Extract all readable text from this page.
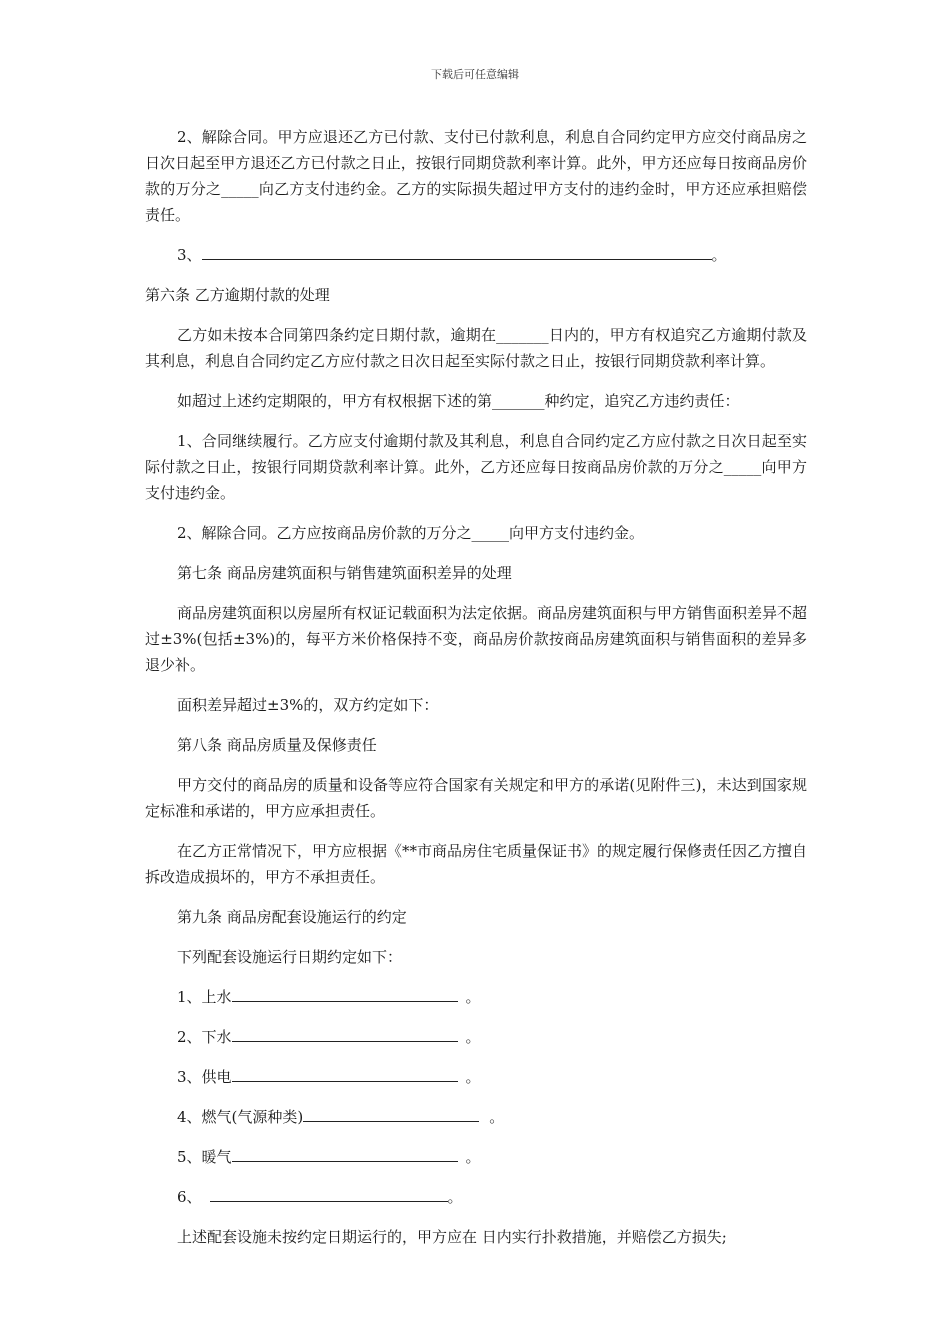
下载后可任意编辑

2、解除合同。甲方应退还乙方已付款、支付已付款利息，利息自合同约定甲方应交付商品房之日次日起至甲方退还乙方已付款之日止，按银行同期贷款利率计算。此外，甲方还应每日按商品房价款的万分之_____向乙方支付违约金。乙方的实际损失超过甲方支付的违约金时，甲方还应承担赔偿责任。

3、	。

第六条 乙方逾期付款的处理

乙方如未按本合同第四条约定日期付款，逾期在_______日内的，甲方有权追究乙方逾期付款及其利息，利息自合同约定乙方应付款之日次日起至实际付款之日止，按银行同期贷款利率计算。

如超过上述约定期限的，甲方有权根据下述的第_______种约定，追究乙方违约责任：

1、合同继续履行。乙方应支付逾期付款及其利息，利息自合同约定乙方应付款之日次日起至实际付款之日止，按银行同期贷款利率计算。此外，乙方还应每日按商品房价款的万分之_____向甲方支付违约金。

2、解除合同。乙方应按商品房价款的万分之_____向甲方支付违约金。

第七条 商品房建筑面积与销售建筑面积差异的处理

商品房建筑面积以房屋所有权证记载面积为法定依据。商品房建筑面积与甲方销售面积差异不超过±3%(包括±3%)的，每平方米价格保持不变，商品房价款按商品房建筑面积与销售面积的差异多退少补。

面积差异超过±3%的，双方约定如下：

第八条 商品房质量及保修责任

甲方交付的商品房的质量和设备等应符合国家有关规定和甲方的承诺(见附件三)，未达到国家规定标准和承诺的，甲方应承担责任。

在乙方正常情况下，甲方应根据《**市商品房住宅质量保证书》的规定履行保修责任因乙方擅自拆改造成损坏的，甲方不承担责任。

第九条 商品房配套设施运行的约定

下列配套设施运行日期约定如下：

1、上水	。

2、下水	。

3、供电	。

4、燃气(气源种类)	。

5、暖气	。

6、	。

上述配套设施未按约定日期运行的，甲方应在 日内实行扑救措施，并赔偿乙方损失;
